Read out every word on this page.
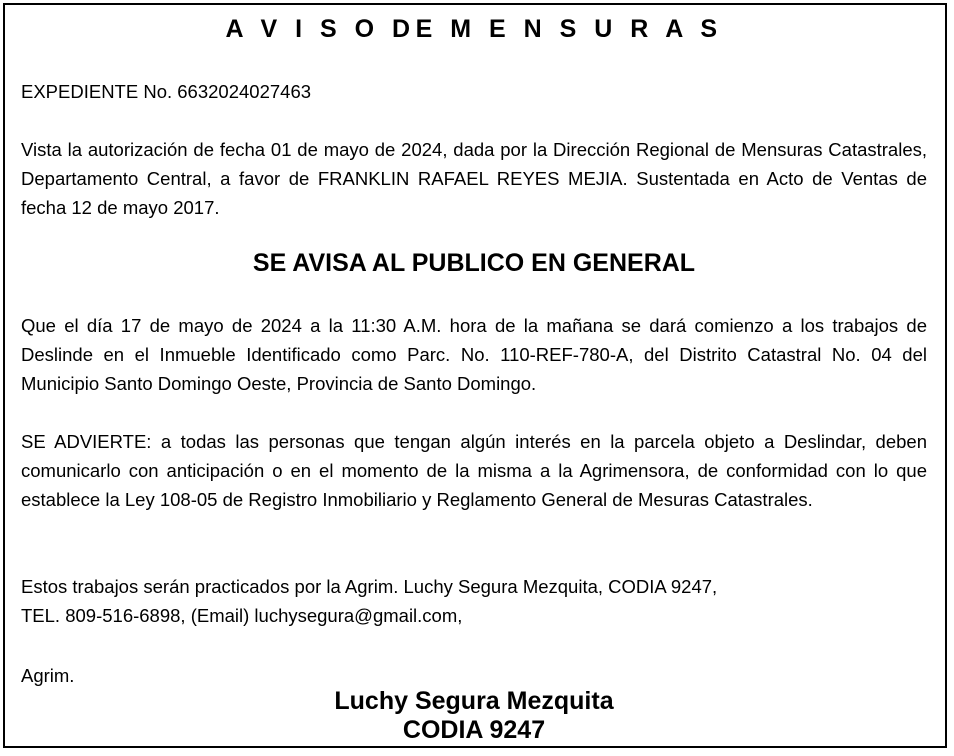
A V I S O DE M E N S U R A S
EXPEDIENTE No. 6632024027463
Vista la autorización de fecha 01 de mayo de 2024, dada por la Dirección Regional de Mensuras Catastrales, Departamento Central, a favor de FRANKLIN RAFAEL REYES MEJIA. Sustentada en Acto de Ventas de fecha 12 de mayo 2017.
SE AVISA AL PUBLICO EN GENERAL
Que el día 17 de mayo de 2024 a la 11:30 A.M. hora de la mañana se dará comienzo a los trabajos de Deslinde en el Inmueble Identificado como Parc. No. 110-REF-780-A, del Distrito Catastral No. 04 del Municipio Santo Domingo Oeste, Provincia de Santo Domingo.
SE ADVIERTE: a todas las personas que tengan algún interés en la parcela objeto a Deslindar, deben comunicarlo con anticipación o en el momento de la misma a la Agrimensora, de conformidad con lo que establece la Ley 108-05 de Registro Inmobiliario y Reglamento General de Mesuras Catastrales.
Estos trabajos serán practicados por la Agrim. Luchy Segura Mezquita, CODIA 9247,
TEL. 809-516-6898, (Email) luchysegura@gmail.com,
Agrim.
Luchy Segura Mezquita
CODIA 9247
